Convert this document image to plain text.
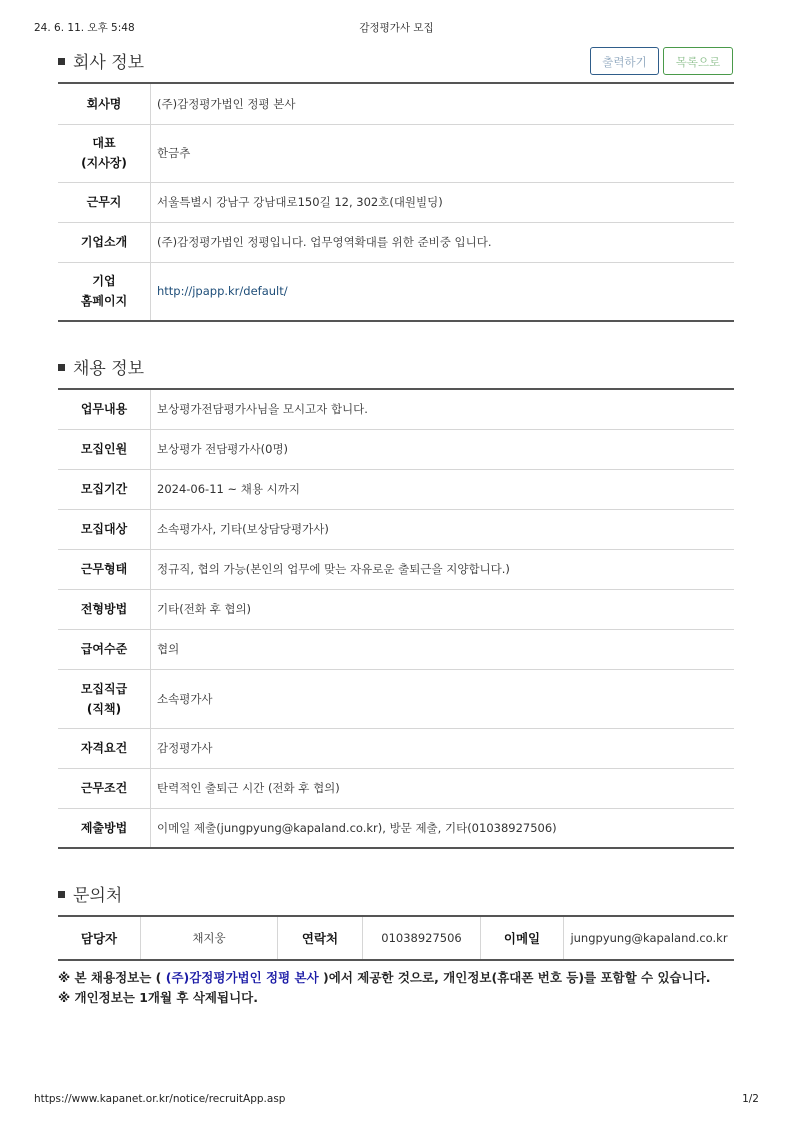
24. 6. 11. 오후 5:48	감정평가사 모집
회사 정보	출력하기	목록으로
회사명	(주)감정평가법인 정평 본사
대표
(지사장)	한금추
근무지	서울특별시 강남구 강남대로150길 12, 302호(대원빌딩)
기업소개	(주)감정평가법인 정평입니다. 업무영역확대를 위한 준비중 입니다.
기업
홈페이지	http://jpapp.kr/default/
채용 정보
업무내용	보상평가전담평가사님을 모시고자 합니다.
모집인원	보상평가 전담평가사(0명)
모집기간	2024-06-11 ~ 채용 시까지
모집대상	소속평가사, 기타(보상담당평가사)
근무형태	정규직, 협의 가능(본인의 업무에 맞는 자유로운 출퇴근을 지양합니다.)
전형방법	기타(전화 후 협의)
급여수준	협의
모집직급
(직책)	소속평가사
자격요건	감정평가사
근무조건	탄력적인 출퇴근 시간 (전화 후 협의)
제출방법	이메일 제출(jungpyung@kapaland.co.kr), 방문 제출, 기타(01038927506)
문의처
담당자	채지웅	연락처	01038927506	이메일	jungpyung@kapaland.co.kr
※ 본 채용정보는 ( (주)감정평가법인 정평 본사 )에서 제공한 것으로, 개인정보(휴대폰 번호 등)를 포함할 수 있습니다.
※ 개인정보는 1개월 후 삭제됩니다.
https://www.kapanet.or.kr/notice/recruitApp.asp	1/2
